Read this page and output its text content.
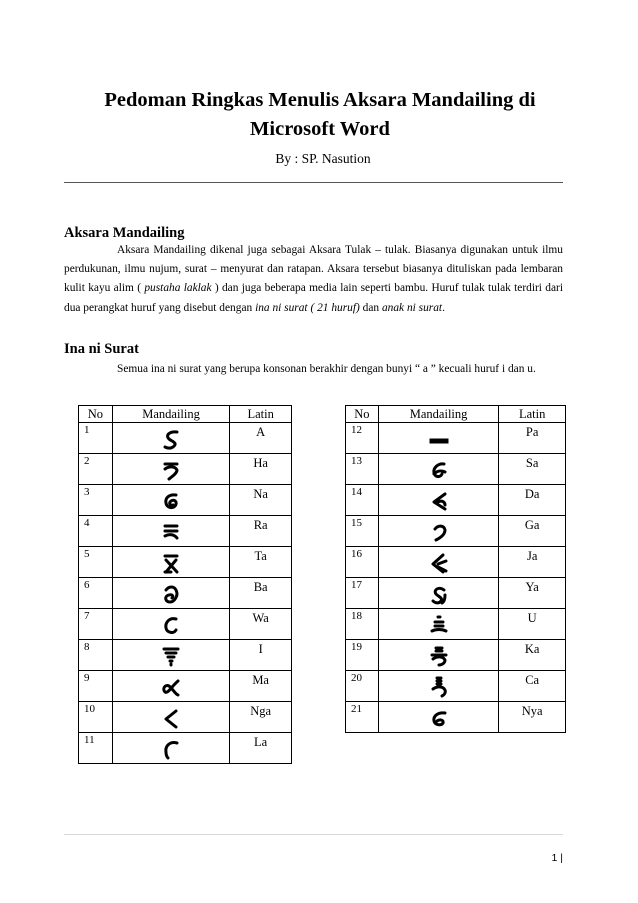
Pedoman Ringkas Menulis Aksara Mandailing di Microsoft Word
By : SP. Nasution
Aksara Mandailing
Aksara Mandailing dikenal juga sebagai Aksara Tulak – tulak. Biasanya digunakan untuk ilmu perdukunan, ilmu nujum, surat – menyurat dan ratapan. Aksara tersebut biasanya dituliskan pada lembaran kulit kayu alim ( pustaha laklak ) dan juga beberapa media lain seperti bambu. Huruf tulak tulak terdiri dari dua perangkat huruf yang disebut dengan ina ni surat ( 21 huruf) dan anak ni surat.
Ina ni Surat
Semua ina ni surat yang berupa konsonan berakhir dengan bunyi “ a ” kecuali huruf i dan u.
No	Mandailing	Latin
1		A
2		Ha
3		Na
4		Ra
5		Ta
6		Ba
7		Wa
8		I
9		Ma
10		Nga
11		La
No	Mandailing	Latin
12		Pa
13		Sa
14		Da
15		Ga
16		Ja
17		Ya
18		U
19		Ka
20		Ca
21		Nya
1 |
